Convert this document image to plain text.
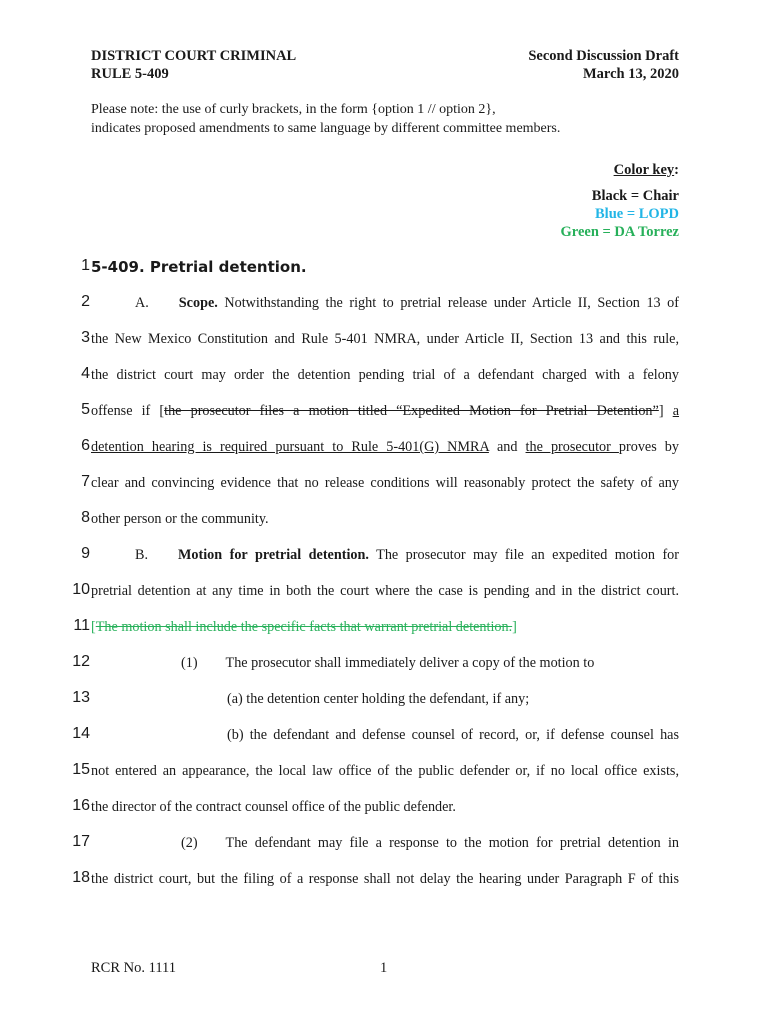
DISTRICT COURT CRIMINAL
RULE 5-409
Second Discussion Draft
March 13, 2020
Please note: the use of curly brackets, in the form {option 1 // option 2},
indicates proposed amendments to same language by different committee members.
Color key:
Black = Chair
Blue = LOPD
Green = DA Torrez
1 5-409. Pretrial detention.
2	A. Scope. Notwithstanding the right to pretrial release under Article II, Section 13 of
3 the New Mexico Constitution and Rule 5-401 NMRA, under Article II, Section 13 and this rule,
4 the district court may order the detention pending trial of a defendant charged with a felony
5 offense if [the prosecutor files a motion titled “Expedited Motion for Pretrial Detention”] a
6 detention hearing is required pursuant to Rule 5-401(G) NMRA and the prosecutor proves by
7 clear and convincing evidence that no release conditions will reasonably protect the safety of any
8 other person or the community.
9	B. Motion for pretrial detention. The prosecutor may file an expedited motion for
10 pretrial detention at any time in both the court where the case is pending and in the district court.
11 [The motion shall include the specific facts that warrant pretrial detention.]
12	(1) The prosecutor shall immediately deliver a copy of the motion to
13	(a) the detention center holding the defendant, if any;
14	(b) the defendant and defense counsel of record, or, if defense counsel has
15 not entered an appearance, the local law office of the public defender or, if no local office exists,
16 the director of the contract counsel office of the public defender.
17	(2) The defendant may file a response to the motion for pretrial detention in
18 the district court, but the filing of a response shall not delay the hearing under Paragraph F of this
RCR No. 1111	1
